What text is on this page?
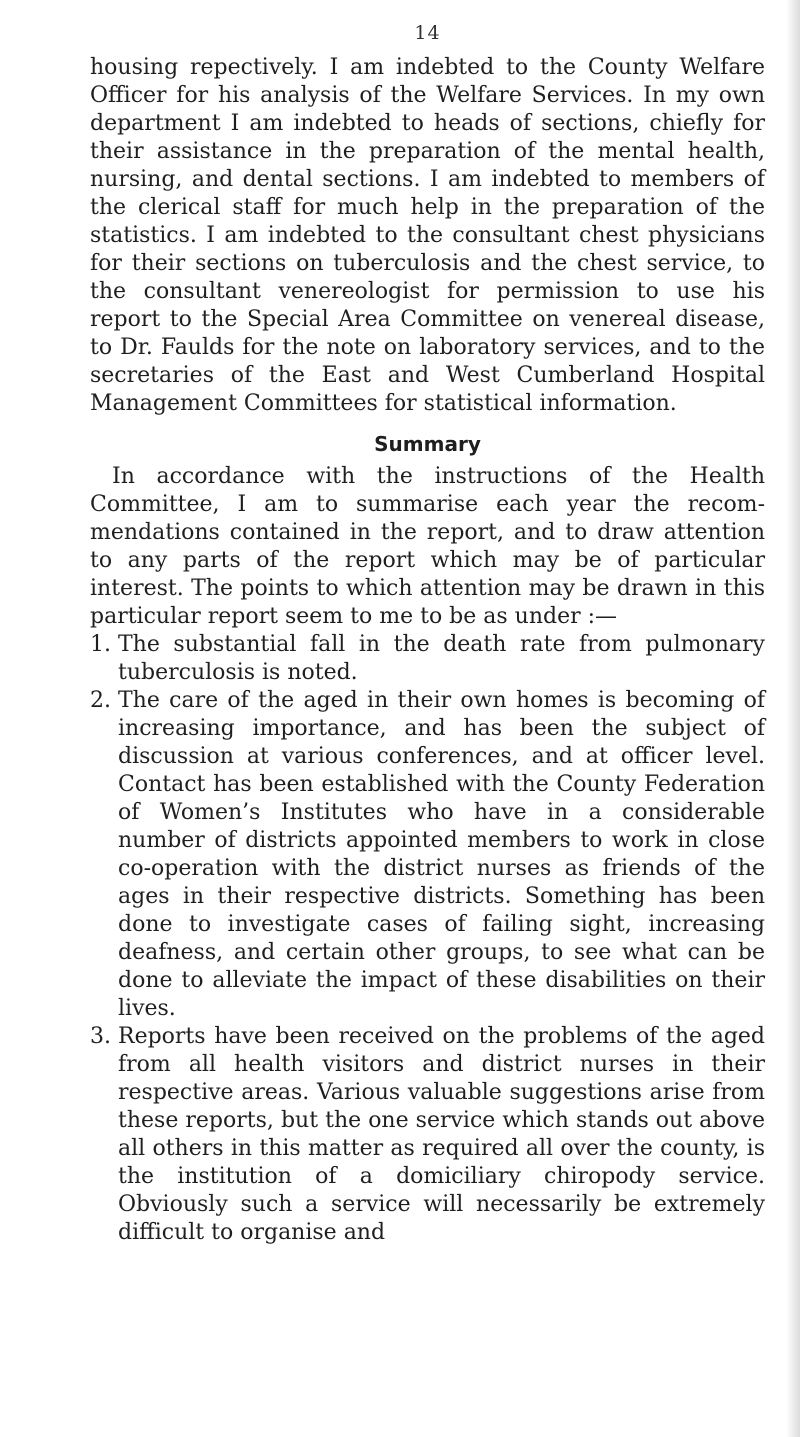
14

housing repectively. I am indebted to the County Welfare Officer for his analysis of the Welfare Services. In my own department I am indebted to heads of sections, chiefly for their assistance in the preparation of the mental health, nursing, and dental sections. I am indebted to members of the clerical staff for much help in the preparation of the statistics. I am indebted to the consultant chest physicians for their sections on tuberculosis and the chest service, to the consultant venereologist for permission to use his report to the Special Area Committee on venereal disease, to Dr. Faulds for the note on laboratory services, and to the secretaries of the East and West Cumberland Hospital Management Committees for statistical information.

Summary

In accordance with the instructions of the Health Committee, I am to summarise each year the recommendations contained in the report, and to draw attention to any parts of the report which may be of particular interest. The points to which attention may be drawn in this particular report seem to me to be as under :—

1. The substantial fall in the death rate from pulmonary tuberculosis is noted.
2. The care of the aged in their own homes is becoming of increasing importance, and has been the subject of discussion at various conferences, and at officer level. Contact has been established with the County Federation of Women’s Institutes who have in a considerable number of districts appointed members to work in close co-operation with the district nurses as friends of the ages in their respective districts. Something has been done to investigate cases of failing sight, increasing deafness, and certain other groups, to see what can be done to alleviate the impact of these disabilities on their lives.
3. Reports have been received on the problems of the aged from all health visitors and district nurses in their respective areas. Various valuable suggestions arise from these reports, but the one service which stands out above all others in this matter as required all over the county, is the institution of a domiciliary chiropody service. Obviously such a service will necessarily be extremely difficult to organise and
